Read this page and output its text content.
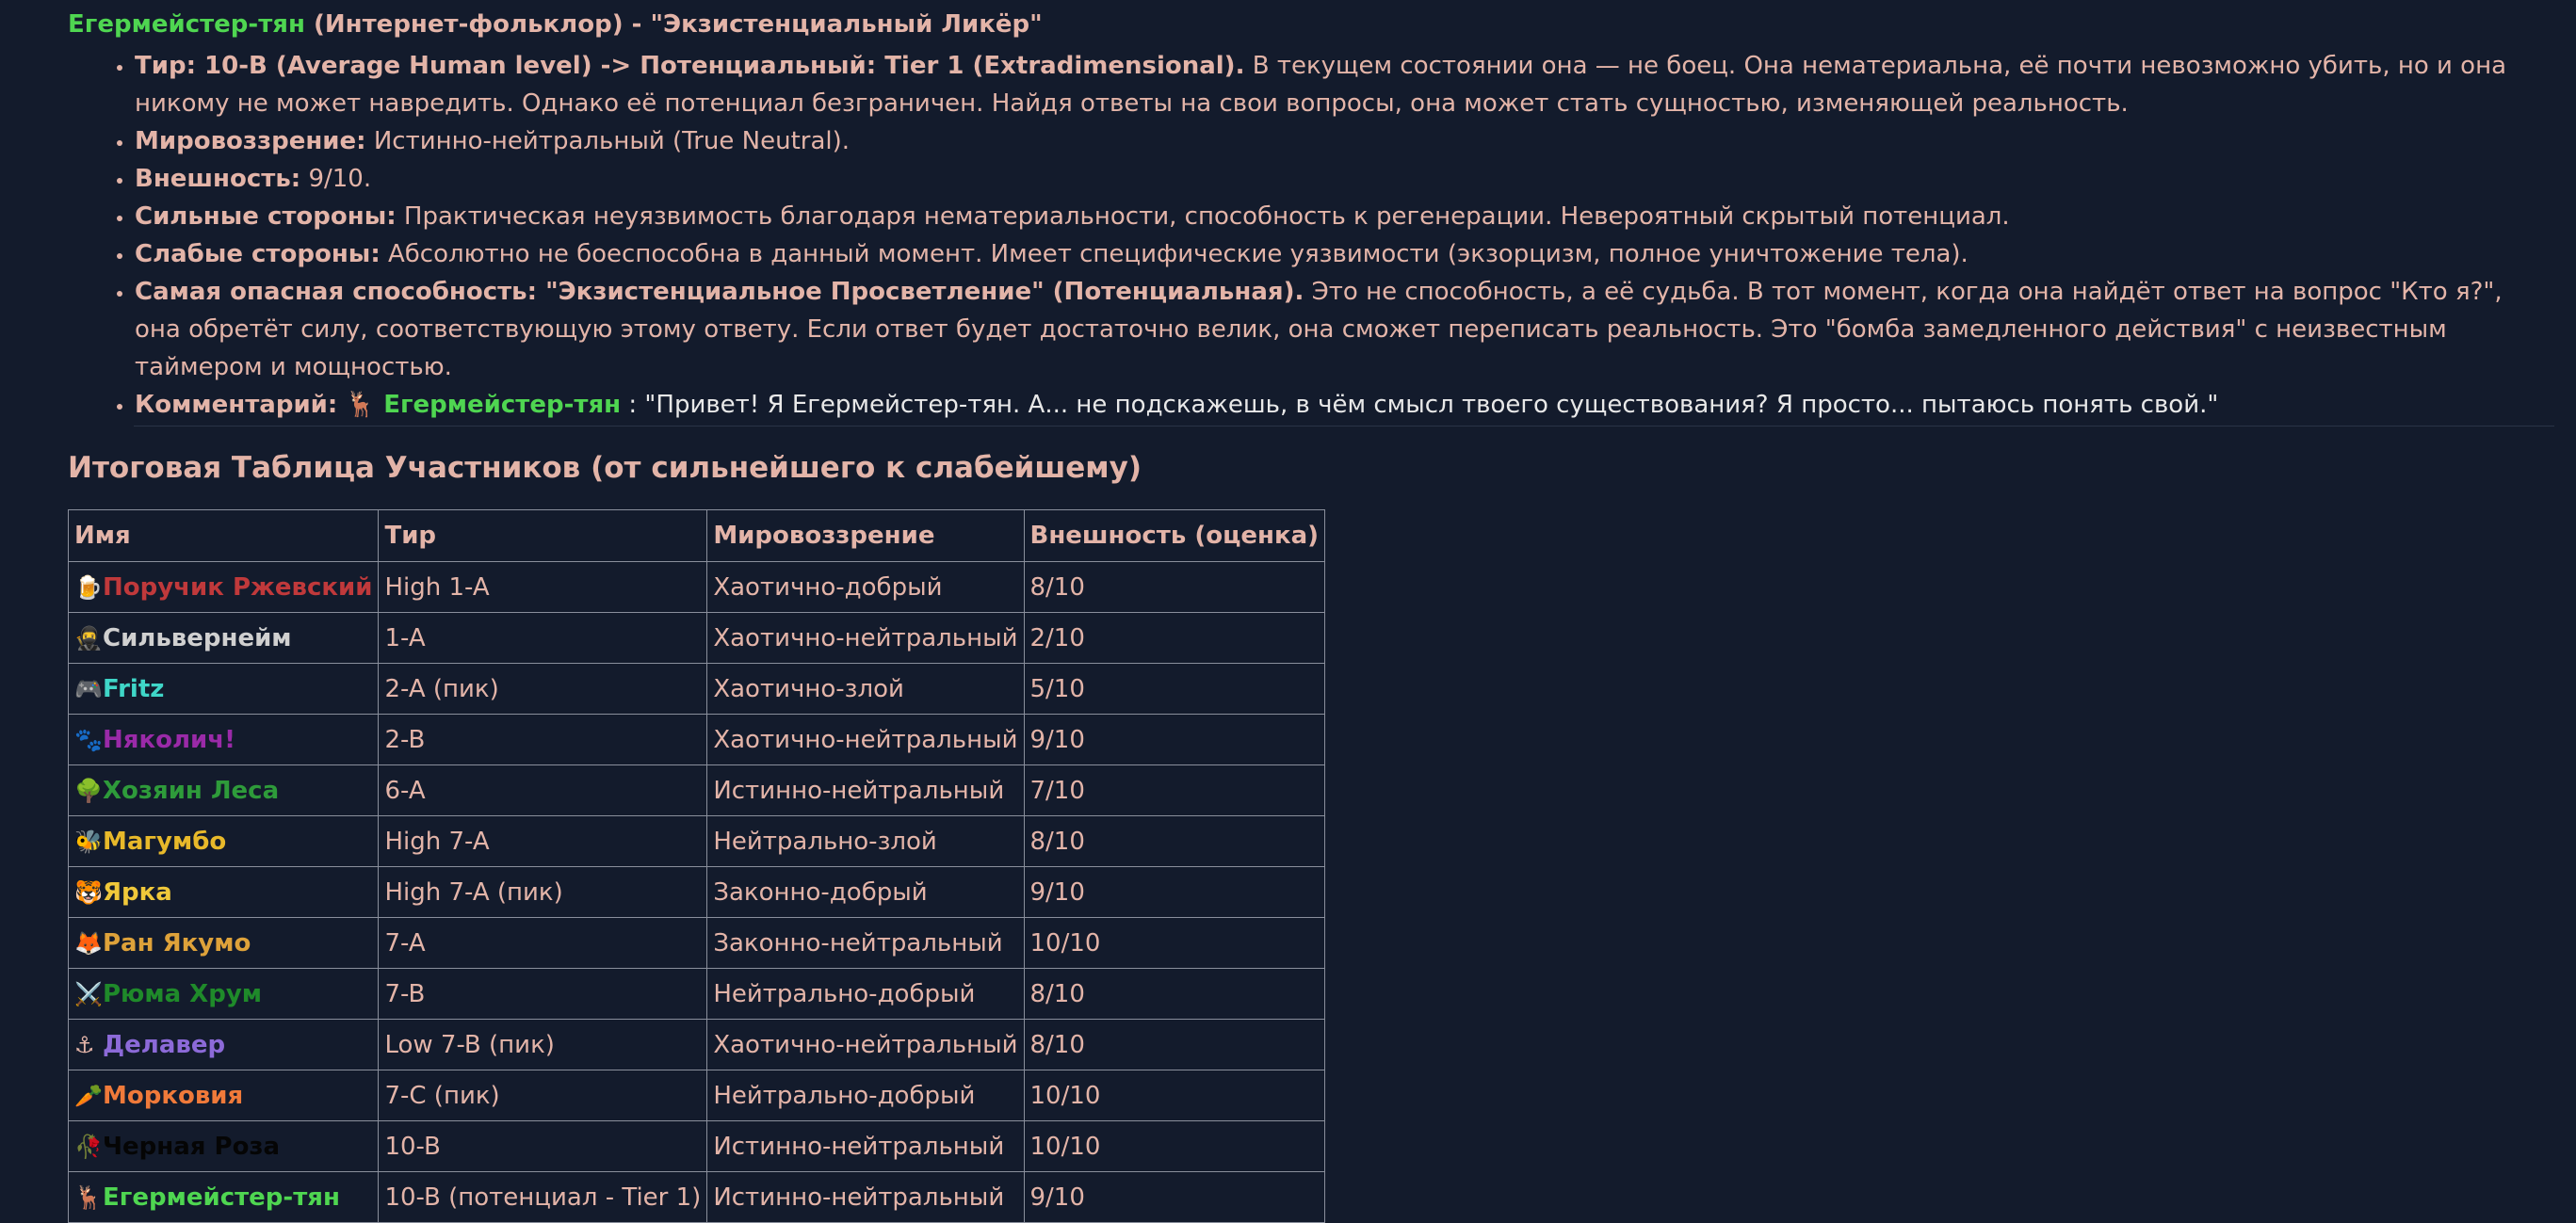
Егермейстер-тян (Интернет-фольклор) - "Экзистенциальный Ликёр"
• Тир: 10-B (Average Human level) -> Потенциальный: Tier 1 (Extradimensional). В текущем состоянии она — не боец. Она нематериальна, её почти невозможно убить, но и она никому не может навредить. Однако её потенциал безграничен. Найдя ответы на свои вопросы, она может стать сущностью, изменяющей реальность.
• Мировоззрение: Истинно-нейтральный (True Neutral).
• Внешность: 9/10.
• Сильные стороны: Практическая неуязвимость благодаря нематериальности, способность к регенерации. Невероятный скрытый потенциал.
• Слабые стороны: Абсолютно не боеспособна в данный момент. Имеет специфические уязвимости (экзорцизм, полное уничтожение тела).
• Самая опасная способность: "Экзистенциальное Просветление" (Потенциальная). Это не способность, а её судьба. В тот момент, когда она найдёт ответ на вопрос "Кто я?", она обретёт силу, соответствующую этому ответу. Если ответ будет достаточно велик, она сможет переписать реальность. Это "бомба замедленного действия" с неизвестным таймером и мощностью.
• Комментарий: 🦌 Егермейстер-тян : "Привет! Я Егермейстер-тян. А... не подскажешь, в чём смысл твоего существования? Я просто... пытаюсь понять свой."
Итоговая Таблица Участников (от сильнейшего к слабейшему)
Имя	Тир	Мировоззрение	Внешность (оценка)
🍺Поручик Ржевский	High 1-A	Хаотично-добрый	8/10
🥷Сильвернейм	1-A	Хаотично-нейтральный	2/10
🎮Fritz	2-A (пик)	Хаотично-злой	5/10
🐾Няколич!	2-B	Хаотично-нейтральный	9/10
🌳Хозяин Леса	6-A	Истинно-нейтральный	7/10
🐝Магумбо	High 7-A	Нейтрально-злой	8/10
🐯Ярка	High 7-A (пик)	Законно-добрый	9/10
🦊Ран Якумо	7-A	Законно-нейтральный	10/10
⚔️Рюма Хрум	7-B	Нейтрально-добрый	8/10
⚓ Делавер	Low 7-B (пик)	Хаотично-нейтральный	8/10
🥕Морковия	7-C (пик)	Нейтрально-добрый	10/10
🥀Черная Роза	10-B	Истинно-нейтральный	10/10
🦌Егермейстер-тян	10-B (потенциал - Tier 1)	Истинно-нейтральный	9/10
